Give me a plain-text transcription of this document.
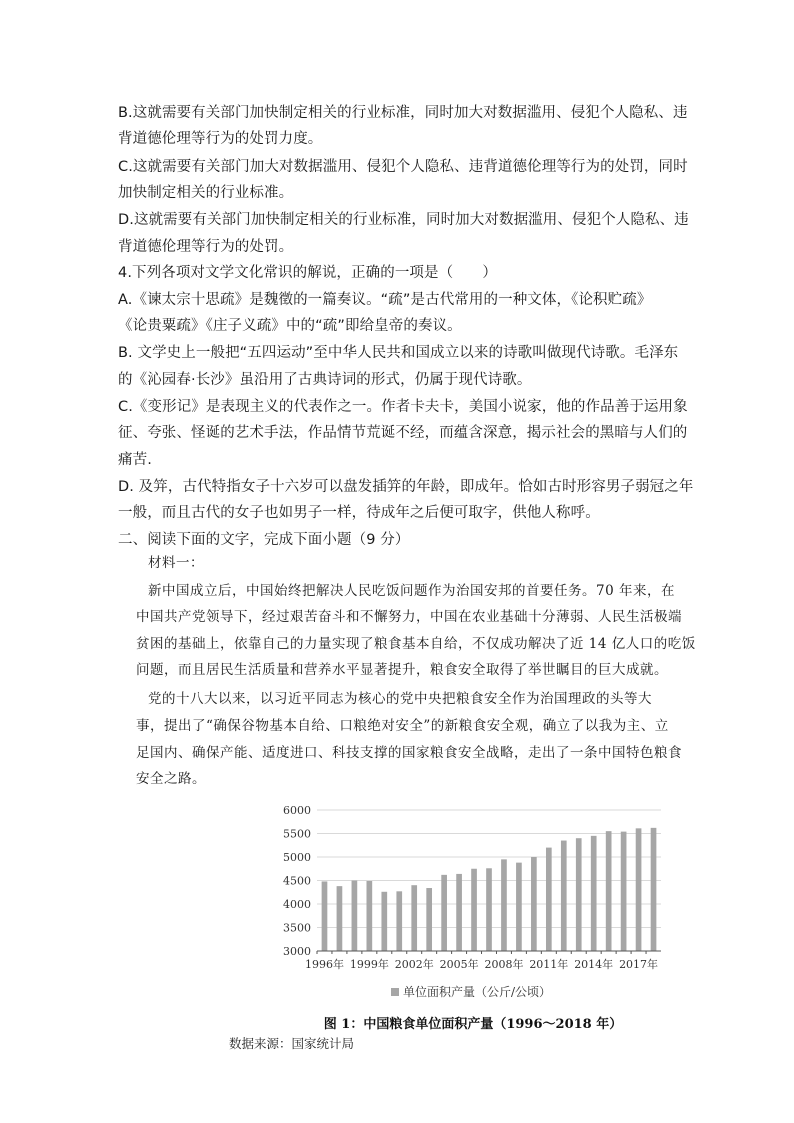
B.这就需要有关部门加快制定相关的行业标准，同时加大对数据滥用、侵犯个人隐私、违
背道德伦理等行为的处罚力度。
C.这就需要有关部门加大对数据滥用、侵犯个人隐私、违背道德伦理等行为的处罚，同时
加快制定相关的行业标准。
D.这就需要有关部门加快制定相关的行业标准，同时加大对数据滥用、侵犯个人隐私、违
背道德伦理等行为的处罚。
4.下列各项对文学文化常识的解说，正确的一项是（　　）
A.《谏太宗十思疏》是魏徵的一篇奏议。“疏”是古代常用的一种文体，《论积贮疏》
《论贵粟疏》《庄子义疏》中的“疏”即给皇帝的奏议。
B. 文学史上一般把“五四运动”至中华人民共和国成立以来的诗歌叫做现代诗歌。毛泽东
的《沁园春·长沙》虽沿用了古典诗词的形式，仍属于现代诗歌。
C.《变形记》是表现主义的代表作之一。作者卡夫卡，美国小说家，他的作品善于运用象
征、夸张、怪诞的艺术手法，作品情节荒诞不经，而蕴含深意，揭示社会的黑暗与人们的
痛苦.
D. 及笄，古代特指女子十六岁可以盘发插笄的年龄，即成年。恰如古时形容男子弱冠之年
一般，而且古代的女子也如男子一样，待成年之后便可取字，供他人称呼。
二、阅读下面的文字，完成下面小题（9 分）
材料一：
新中国成立后，中国始终把解决人民吃饭问题作为治国安邦的首要任务。70 年来，在
中国共产党领导下，经过艰苦奋斗和不懈努力，中国在农业基础十分薄弱、人民生活极端
贫困的基础上，依靠自己的力量实现了粮食基本自给，不仅成功解决了近 14 亿人口的吃饭
问题，而且居民生活质量和营养水平显著提升，粮食安全取得了举世瞩目的巨大成就。
党的十八大以来，以习近平同志为核心的党中央把粮食安全作为治国理政的头等大
事，提出了“确保谷物基本自给、口粮绝对安全”的新粮食安全观，确立了以我为主、立
足国内、确保产能、适度进口、科技支撑的国家粮食安全战略，走出了一条中国特色粮食
安全之路。
3000
3500
4000
4500
5000
5500
6000
1996年 1999年 2002年 2005年 2008年 2011年 2014年 2017年
单位面积产量（公斤/公顷）
图 1：中国粮食单位面积产量（1996～2018 年）
数据来源：国家统计局
